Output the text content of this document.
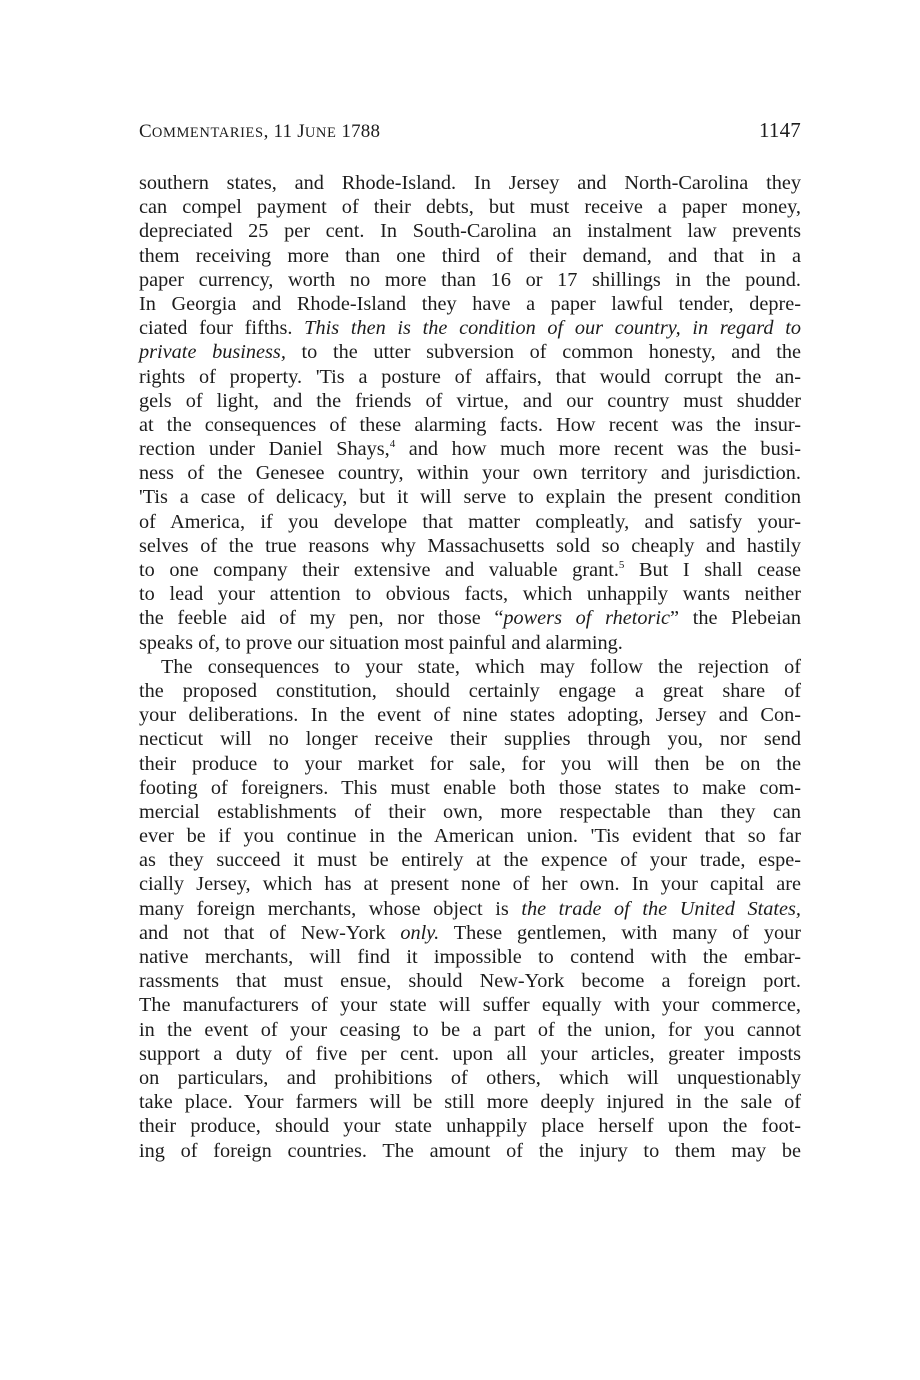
COMMENTARIES, 11 JUNE 1788	1147
southern states, and Rhode-Island. In Jersey and North-Carolina they
can compel payment of their debts, but must receive a paper money,
depreciated 25 per cent. In South-Carolina an instalment law prevents
them receiving more than one third of their demand, and that in a
paper currency, worth no more than 16 or 17 shillings in the pound.
In Georgia and Rhode-Island they have a paper lawful tender, depre-
ciated four fifths. This then is the condition of our country, in regard to
private business, to the utter subversion of common honesty, and the
rights of property. 'Tis a posture of affairs, that would corrupt the an-
gels of light, and the friends of virtue, and our country must shudder
at the consequences of these alarming facts. How recent was the insur-
rection under Daniel Shays,$^4$ and how much more recent was the busi-
ness of the Genesee country, within your own territory and jurisdiction.
'Tis a case of delicacy, but it will serve to explain the present condition
of America, if you develope that matter compleatly, and satisfy your-
selves of the true reasons why Massachusetts sold so cheaply and hastily
to one company their extensive and valuable grant.$^5$ But I shall cease
to lead your attention to obvious facts, which unhappily wants neither
the feeble aid of my pen, nor those “powers of rhetoric” the Plebeian
speaks of, to prove our situation most painful and alarming.
The consequences to your state, which may follow the rejection of
the proposed constitution, should certainly engage a great share of
your deliberations. In the event of nine states adopting, Jersey and Con-
necticut will no longer receive their supplies through you, nor send
their produce to your market for sale, for you will then be on the
footing of foreigners. This must enable both those states to make com-
mercial establishments of their own, more respectable than they can
ever be if you continue in the American union. 'Tis evident that so far
as they succeed it must be entirely at the expence of your trade, espe-
cially Jersey, which has at present none of her own. In your capital are
many foreign merchants, whose object is the trade of the United States,
and not that of New-York only. These gentlemen, with many of your
native merchants, will find it impossible to contend with the embar-
rassments that must ensue, should New-York become a foreign port.
The manufacturers of your state will suffer equally with your commerce,
in the event of your ceasing to be a part of the union, for you cannot
support a duty of five per cent. upon all your articles, greater imposts
on particulars, and prohibitions of others, which will unquestionably
take place. Your farmers will be still more deeply injured in the sale of
their produce, should your state unhappily place herself upon the foot-
ing of foreign countries. The amount of the injury to them may be
